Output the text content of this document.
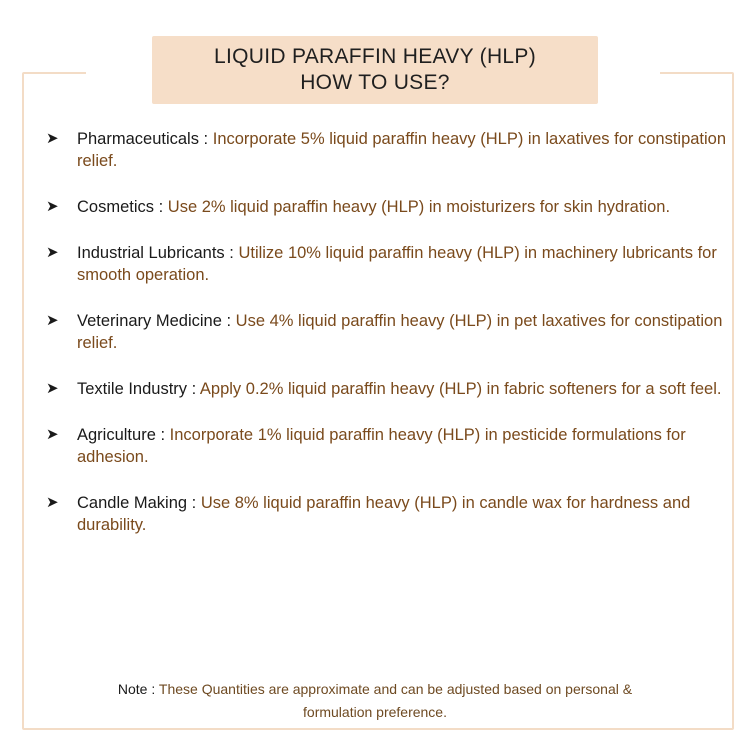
LIQUID PARAFFIN HEAVY (HLP)
HOW TO USE?
➤ Pharmaceuticals : Incorporate 5% liquid paraffin heavy (HLP) in laxatives for constipation relief.
➤ Cosmetics : Use 2% liquid paraffin heavy (HLP) in moisturizers for skin hydration.
➤ Industrial Lubricants : Utilize 10% liquid paraffin heavy (HLP) in machinery lubricants for smooth operation.
➤ Veterinary Medicine : Use 4% liquid paraffin heavy (HLP) in pet laxatives for constipation relief.
➤ Textile Industry : Apply 0.2% liquid paraffin heavy (HLP) in fabric softeners for a soft feel.
➤ Agriculture : Incorporate 1% liquid paraffin heavy (HLP) in pesticide formulations for adhesion.
➤ Candle Making : Use 8% liquid paraffin heavy (HLP) in candle wax for hardness and durability.
Note : These Quantities are approximate and can be adjusted based on personal & formulation preference.
